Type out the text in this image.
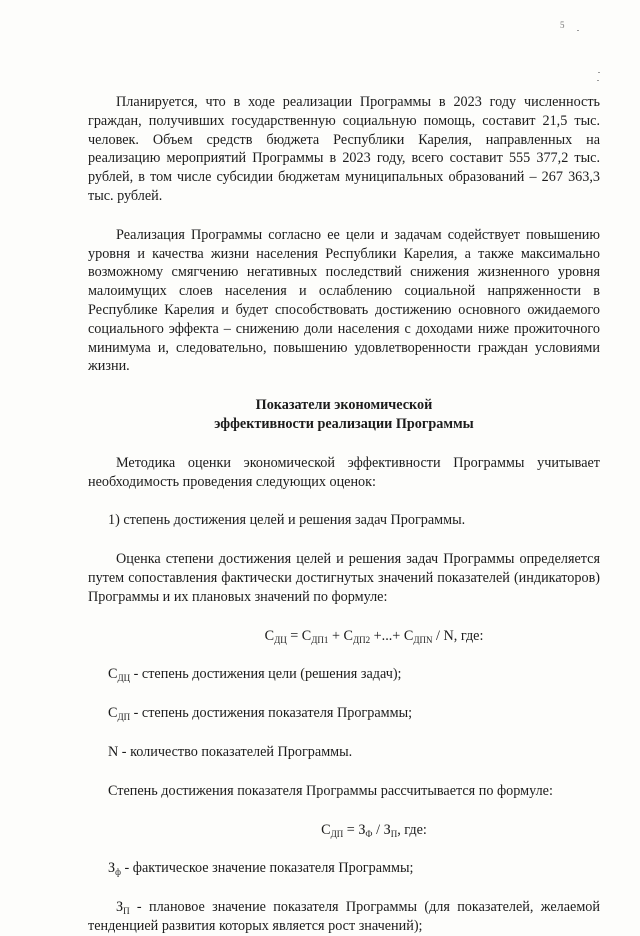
5

Планируется, что в ходе реализации Программы в 2023 году численность граждан, получивших государственную социальную помощь, составит 21,5 тыс. человек. Объем средств бюджета Республики Карелия, направленных на реализацию мероприятий Программы в 2023 году, всего составит 555 377,2 тыс. рублей, в том числе субсидии бюджетам муниципальных образований – 267 363,3 тыс. рублей.

Реализация Программы согласно ее цели и задачам содействует повышению уровня и качества жизни населения Республики Карелия, а также максимально возможному смягчению негативных последствий снижения жизненного уровня малоимущих слоев населения и ослаблению социальной напряженности в Республике Карелия и будет способствовать достижению основного ожидаемого социального эффекта – снижению доли населения с доходами ниже прожиточного минимума и, следовательно, повышению удовлетворенности граждан условиями жизни.

Показатели экономической
эффективности реализации Программы

Методика оценки экономической эффективности Программы учитывает необходимость проведения следующих оценок:

1) степень достижения целей и решения задач Программы.

Оценка степени достижения целей и решения задач Программы определяется путем сопоставления фактически достигнутых значений показателей (индикаторов) Программы и их плановых значений по формуле:

$С_{ДЦ} = С_{ДП1} + С_{ДП2}$ +...+ $С_{ДПN}$ / N, где:

$С_{ДЦ}$ - степень достижения цели (решения задач);

$С_{ДП}$ - степень достижения показателя Программы;

N - количество показателей Программы.

Степень достижения показателя Программы рассчитывается по формуле:

$С_{ДП} = З_Ф / З_П$, где:

$З_ф$ - фактическое значение показателя Программы;

$З_П$ - плановое значение показателя Программы (для показателей, желаемой тенденцией развития которых является рост значений);
